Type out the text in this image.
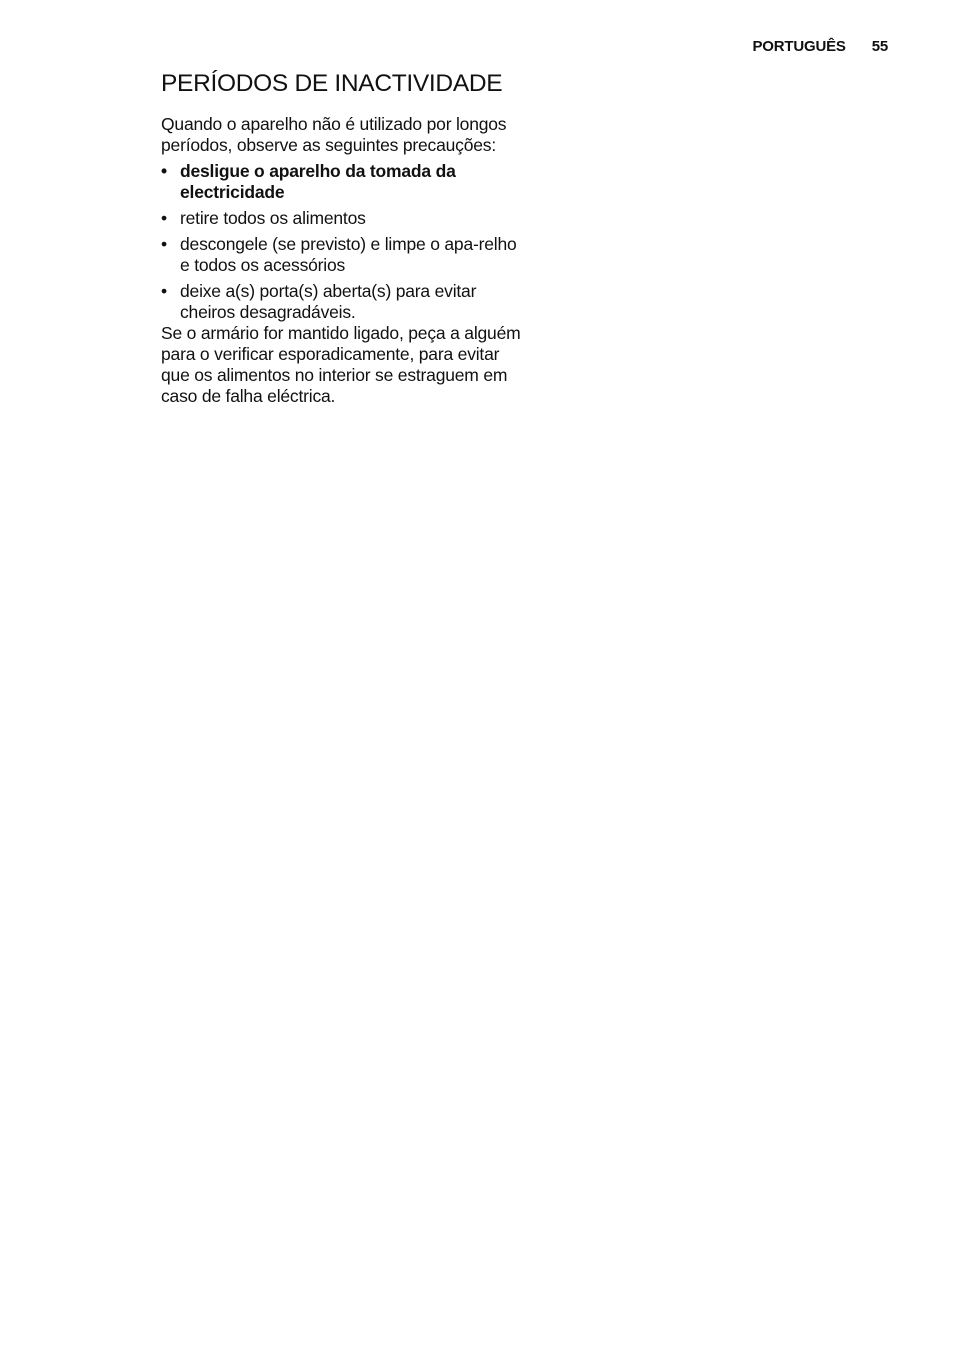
PORTUGUÊS 55
PERÍODOS DE INACTIVIDADE

Quando o aparelho não é utilizado por longos períodos, observe as seguintes precauções:

• desligue o aparelho da tomada da electricidade
• retire todos os alimentos
• descongele (se previsto) e limpe o apa-relho e todos os acessórios
• deixe a(s) porta(s) aberta(s) para evitar cheiros desagradáveis.

Se o armário for mantido ligado, peça a alguém para o verificar esporadicamente, para evitar que os alimentos no interior se estraguem em caso de falha eléctrica.
